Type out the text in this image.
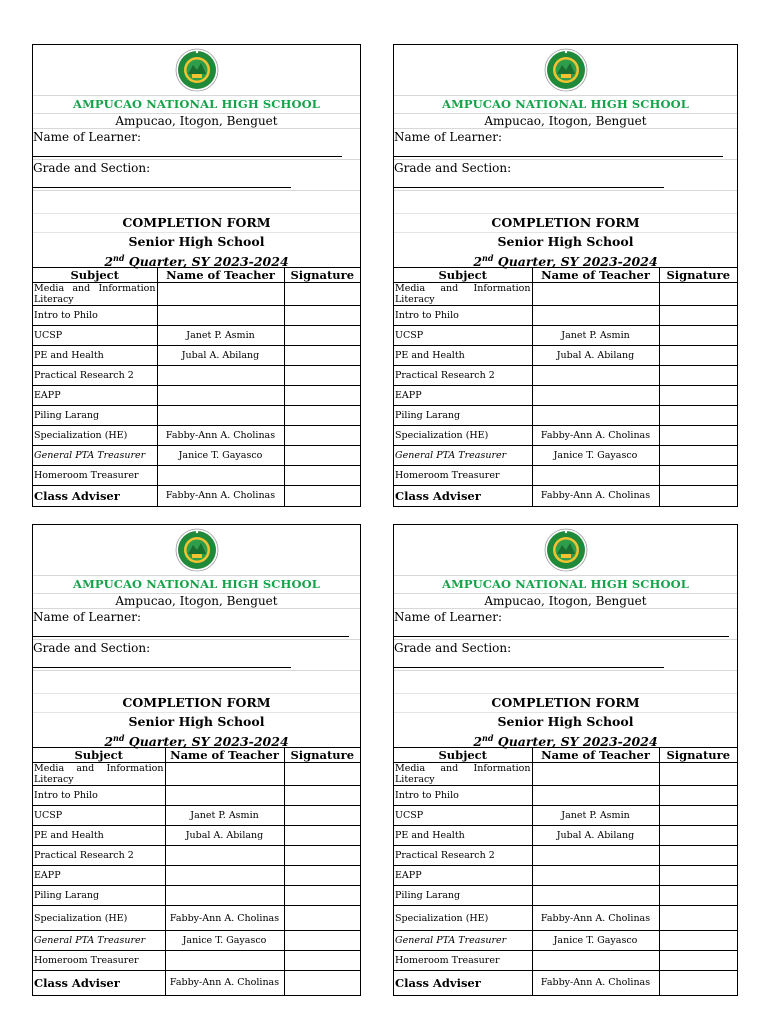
AMPUCAO NATIONAL HIGH SCHOOL
Ampucao, Itogon, Benguet
Name of Learner:
Grade and Section:
COMPLETION FORM
Senior High School
2nd Quarter, SY 2023-2024
Subject	Name of Teacher	Signature
Media and Information Literacy		
Intro to Philo		
UCSP	Janet P. Asmin	
PE and Health	Jubal A. Abilang	
Practical Research 2		
EAPP		
Piling Larang		
Specialization (HE)	Fabby-Ann A. Cholinas	
General PTA Treasurer	Janice T. Gayasco	
Homeroom Treasurer		
Class Adviser	Fabby-Ann A. Cholinas	
AMPUCAO NATIONAL HIGH SCHOOL
Ampucao, Itogon, Benguet
Name of Learner:
Grade and Section:
COMPLETION FORM
Senior High School
2nd Quarter, SY 2023-2024
Subject	Name of Teacher	Signature
Media and Information Literacy		
Intro to Philo		
UCSP	Janet P. Asmin	
PE and Health	Jubal A. Abilang	
Practical Research 2		
EAPP		
Piling Larang		
Specialization (HE)	Fabby-Ann A. Cholinas	
General PTA Treasurer	Janice T. Gayasco	
Homeroom Treasurer		
Class Adviser	Fabby-Ann A. Cholinas	
AMPUCAO NATIONAL HIGH SCHOOL
Ampucao, Itogon, Benguet
Name of Learner:
Grade and Section:
COMPLETION FORM
Senior High School
2nd Quarter, SY 2023-2024
Subject	Name of Teacher	Signature
Media and Information Literacy		
Intro to Philo		
UCSP	Janet P. Asmin	
PE and Health	Jubal A. Abilang	
Practical Research 2		
EAPP		
Piling Larang		
Specialization (HE)	Fabby-Ann A. Cholinas	
General PTA Treasurer	Janice T. Gayasco	
Homeroom Treasurer		
Class Adviser	Fabby-Ann A. Cholinas	
AMPUCAO NATIONAL HIGH SCHOOL
Ampucao, Itogon, Benguet
Name of Learner:
Grade and Section:
COMPLETION FORM
Senior High School
2nd Quarter, SY 2023-2024
Subject	Name of Teacher	Signature
Media and Information Literacy		
Intro to Philo		
UCSP	Janet P. Asmin	
PE and Health	Jubal A. Abilang	
Practical Research 2		
EAPP		
Piling Larang		
Specialization (HE)	Fabby-Ann A. Cholinas	
General PTA Treasurer	Janice T. Gayasco	
Homeroom Treasurer		
Class Adviser	Fabby-Ann A. Cholinas	
